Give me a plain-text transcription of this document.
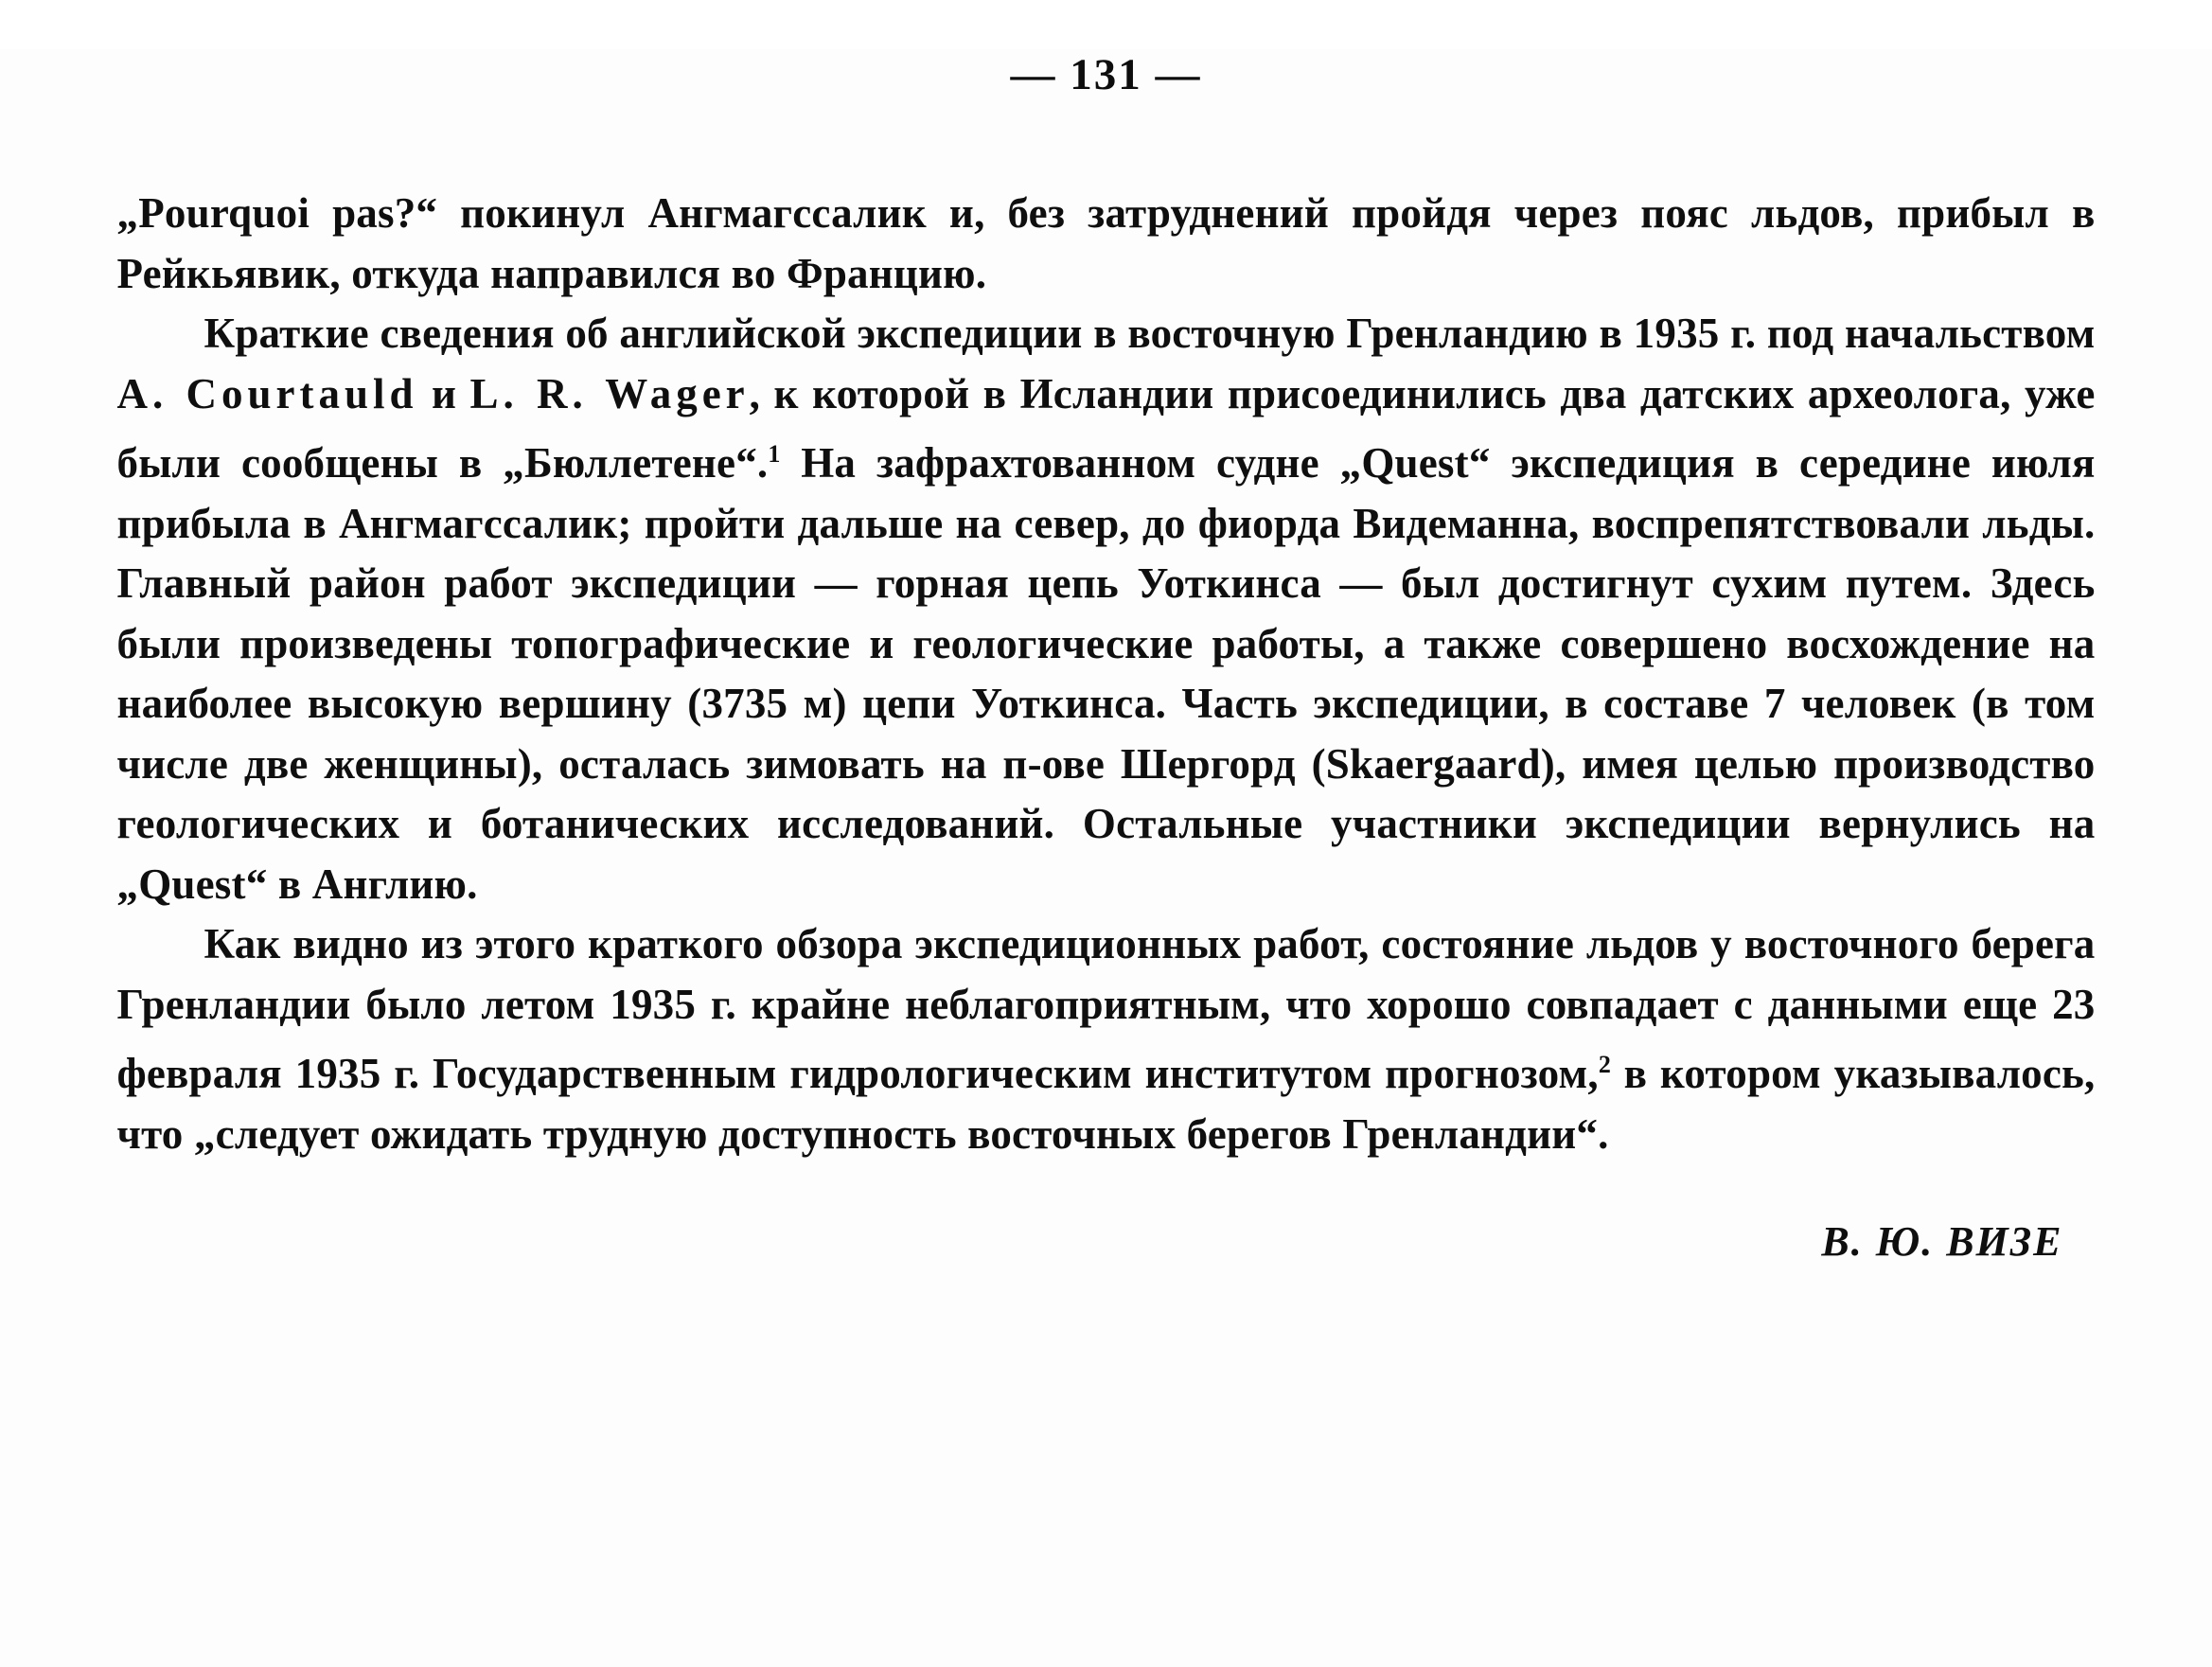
— 131 —

„Pourquoi pas?“ покинул Ангмагссалик и, без затруднений пройдя через пояс льдов, прибыл в Рейкьявик, откуда направился во Францию.

Краткие сведения об английской экспедиции в восточную Гренландию в 1935 г. под начальством A. Courtauld и L. R. Wager, к которой в Исландии присоединились два датских археолога, уже были сообщены в „Бюллетене“.$^1$ На зафрахтованном судне „Quest“ экспедиция в середине июля прибыла в Ангмагссалик; пройти дальше на север, до фиорда Видеманна, воспрепятствовали льды. Главный район работ экспедиции — горная цепь Уоткинса — был достигнут сухим путем. Здесь были произведены топографические и геологические работы, а также совершено восхождение на наиболее высокую вершину (3735 м) цепи Уоткинса. Часть экспедиции, в составе 7 человек (в том числе две женщины), осталась зимовать на п-ове Шергорд (Skaergaard), имея целью производство геологических и ботанических исследований. Остальные участники экспедиции вернулись на „Quest“ в Англию.

Как видно из этого краткого обзора экспедиционных работ, состояние льдов у восточного берега Гренландии было летом 1935 г. крайне неблагоприятным, что хорошо совпадает с данными еще 23 февраля 1935 г. Государственным гидрологическим институтом прогнозом,$^2$ в котором указывалось, что „следует ожидать трудную доступность восточных берегов Гренландии“.

В. Ю. ВИЗЕ
